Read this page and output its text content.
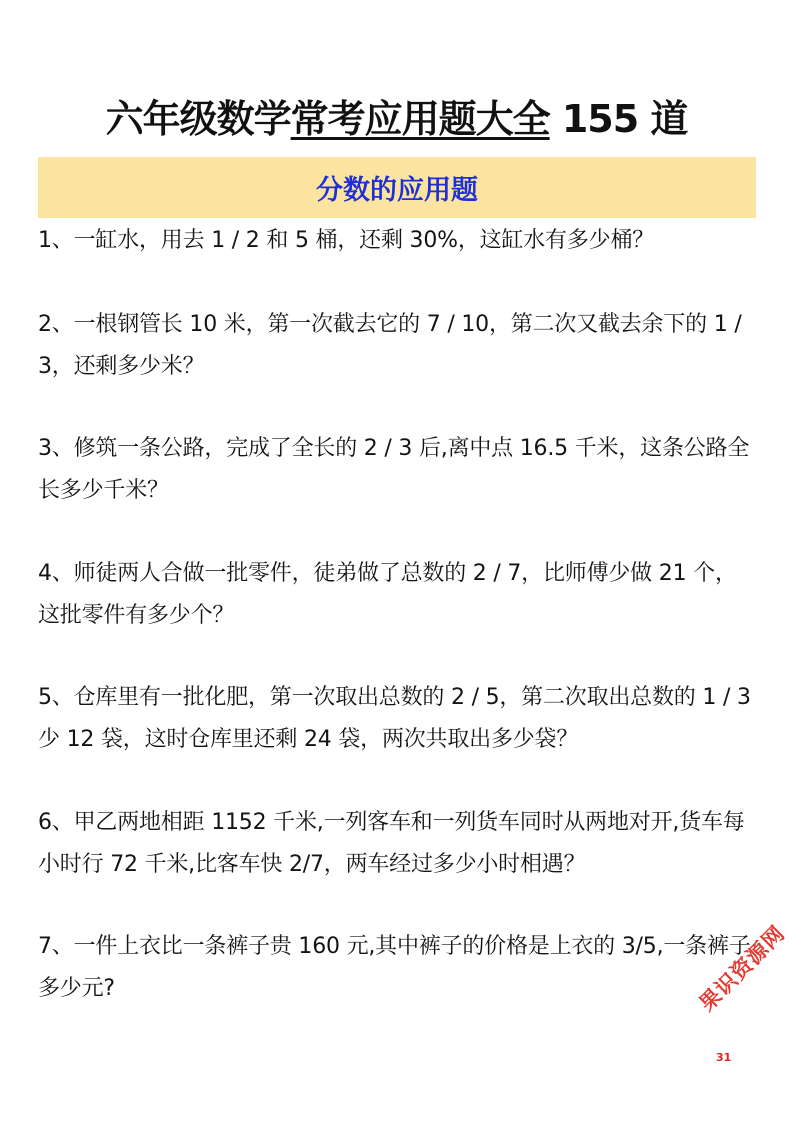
六年级数学常考应用题大全 155 道
分数的应用题
1、一缸水，用去 1 / 2 和 5 桶，还剩 30%，这缸水有多少桶？
2、一根钢管长 10 米，第一次截去它的 7 / 10，第二次又截去余下的 1 / 3，还剩多少米？
3、修筑一条公路，完成了全长的 2 / 3 后,离中点 16.5 千米，这条公路全长多少千米？
4、师徒两人合做一批零件，徒弟做了总数的 2 / 7，比师傅少做 21 个，这批零件有多少个？
5、仓库里有一批化肥，第一次取出总数的 2 / 5，第二次取出总数的 1 / 3 少 12 袋，这时仓库里还剩 24 袋，两次共取出多少袋？
6、甲乙两地相距 1152 千米,一列客车和一列货车同时从两地对开,货车每小时行 72 千米,比客车快 2/7，两车经过多少小时相遇？
7、一件上衣比一条裤子贵 160 元,其中裤子的价格是上衣的 3/5,一条裤子多少元?	果识资源网
31
